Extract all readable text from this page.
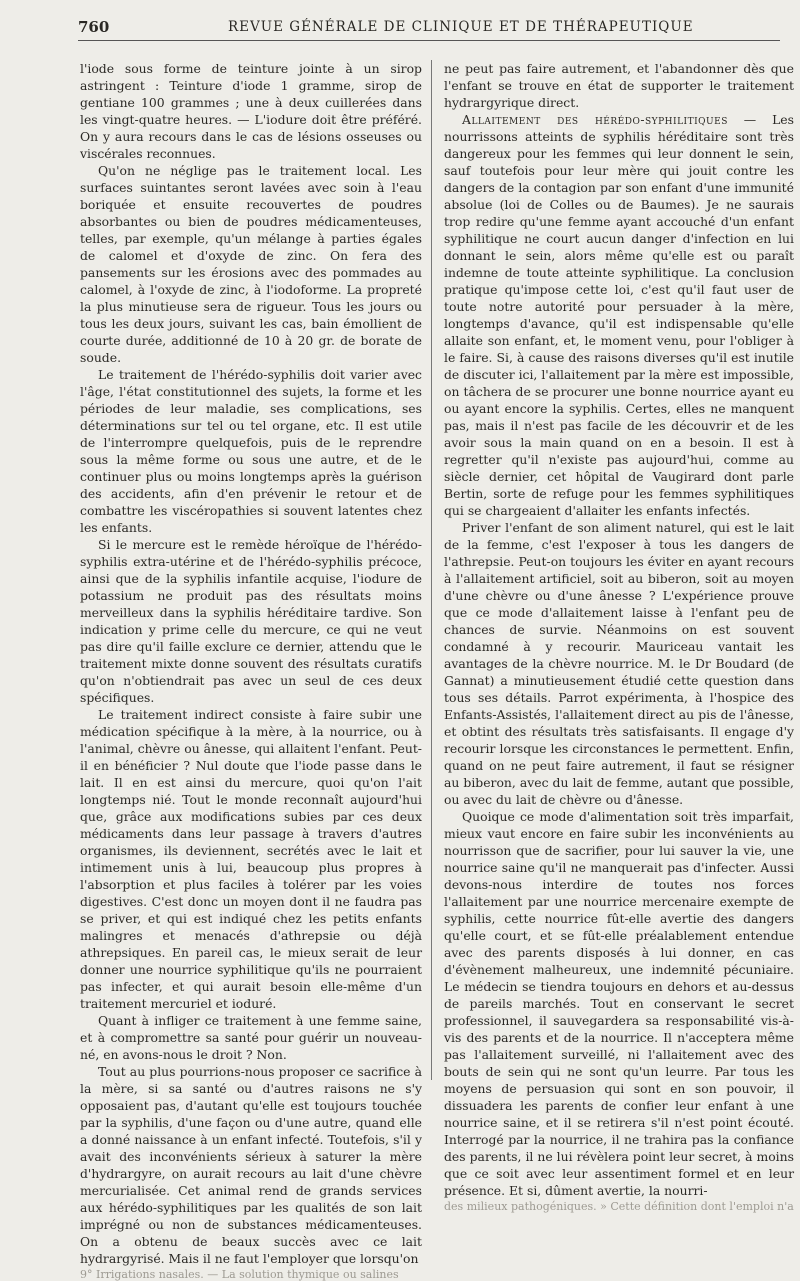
760	REVUE GÉNÉRALE DE CLINIQUE ET DE THÉRAPEUTIQUE

l'iode sous forme de teinture jointe à un sirop astringent : Teinture d'iode 1 gramme, sirop de gentiane 100 grammes ; une à deux cuillerées dans les vingt-quatre heures. — L'iodure doit être préféré. On y aura recours dans le cas de lésions osseuses ou viscérales reconnues.

Qu'on ne néglige pas le traitement local. Les surfaces suintantes seront lavées avec soin à l'eau boriquée et ensuite recouvertes de poudres absorbantes ou bien de poudres médicamenteuses, telles, par exemple, qu'un mélange à parties égales de calomel et d'oxyde de zinc. On fera des pansements sur les érosions avec des pommades au calomel, à l'oxyde de zinc, à l'iodoforme. La propreté la plus minutieuse sera de rigueur. Tous les jours ou tous les deux jours, suivant les cas, bain émollient de courte durée, additionné de 10 à 20 gr. de borate de soude.

Le traitement de l'hérédo-syphilis doit varier avec l'âge, l'état constitutionnel des sujets, la forme et les périodes de leur maladie, ses complications, ses déterminations sur tel ou tel organe, etc. Il est utile de l'interrompre quelquefois, puis de le reprendre sous la même forme ou sous une autre, et de le continuer plus ou moins longtemps après la guérison des accidents, afin d'en prévenir le retour et de combattre les viscéropathies si souvent latentes chez les enfants.

Si le mercure est le remède héroïque de l'hérédo-syphilis extra-utérine et de l'hérédo-syphilis précoce, ainsi que de la syphilis infantile acquise, l'iodure de potassium ne produit pas des résultats moins merveilleux dans la syphilis héréditaire tardive. Son indication y prime celle du mercure, ce qui ne veut pas dire qu'il faille exclure ce dernier, attendu que le traitement mixte donne souvent des résultats curatifs qu'on n'obtiendrait pas avec un seul de ces deux spécifiques.

Le traitement indirect consiste à faire subir une médication spécifique à la mère, à la nourrice, ou à l'animal, chèvre ou ânesse, qui allaitent l'enfant. Peut-il en bénéficier ? Nul doute que l'iode passe dans le lait. Il en est ainsi du mercure, quoi qu'on l'ait longtemps nié. Tout le monde reconnaît aujourd'hui que, grâce aux modifications subies par ces deux médicaments dans leur passage à travers d'autres organismes, ils deviennent, secrétés avec le lait et intimement unis à lui, beaucoup plus propres à l'absorption et plus faciles à tolérer par les voies digestives. C'est donc un moyen dont il ne faudra pas se priver, et qui est indiqué chez les petits enfants malingres et menacés d'athrepsie ou déjà athrepsiques. En pareil cas, le mieux serait de leur donner une nourrice syphilitique qu'ils ne pourraient pas infecter, et qui aurait besoin elle-même d'un traitement mercuriel et ioduré.

Quant à infliger ce traitement à une femme saine, et à compromettre sa santé pour guérir un nouveau-né, en avons-nous le droit ? Non.

Tout au plus pourrions-nous proposer ce sacrifice à la mère, si sa santé ou d'autres raisons ne s'y opposaient pas, d'autant qu'elle est toujours touchée par la syphilis, d'une façon ou d'une autre, quand elle a donné naissance à un enfant infecté. Toutefois, s'il y avait des inconvénients sérieux à saturer la mère d'hydrargyre, on aurait recours au lait d'une chèvre mercurialisée. Cet animal rend de grands services aux hérédo-syphilitiques par les qualités de son lait imprégné ou non de substances médicamenteuses. On a obtenu de beaux succès avec ce lait hydrargyrisé. Mais il ne faut l'employer que lorsqu'on

9° Irrigations nasales. — La solution thymique ou salines

ne peut pas faire autrement, et l'abandonner dès que l'enfant se trouve en état de supporter le traitement hydrargyrique direct.

Allaitement des hérédo-syphilitiques — Les nourrissons atteints de syphilis héréditaire sont très dangereux pour les femmes qui leur donnent le sein, sauf toutefois pour leur mère qui jouit contre les dangers de la contagion par son enfant d'une immunité absolue (loi de Colles ou de Baumes). Je ne saurais trop redire qu'une femme ayant accouché d'un enfant syphilitique ne court aucun danger d'infection en lui donnant le sein, alors même qu'elle est ou paraît indemne de toute atteinte syphilitique. La conclusion pratique qu'impose cette loi, c'est qu'il faut user de toute notre autorité pour persuader à la mère, longtemps d'avance, qu'il est indispensable qu'elle allaite son enfant, et, le moment venu, pour l'obliger à le faire. Si, à cause des raisons diverses qu'il est inutile de discuter ici, l'allaitement par la mère est impossible, on tâchera de se procurer une bonne nourrice ayant eu ou ayant encore la syphilis. Certes, elles ne manquent pas, mais il n'est pas facile de les découvrir et de les avoir sous la main quand on en a besoin. Il est à regretter qu'il n'existe pas aujourd'hui, comme au siècle dernier, cet hôpital de Vaugirard dont parle Bertin, sorte de refuge pour les femmes syphilitiques qui se chargeaient d'allaiter les enfants infectés.

Priver l'enfant de son aliment naturel, qui est le lait de la femme, c'est l'exposer à tous les dangers de l'athrepsie. Peut-on toujours les éviter en ayant recours à l'allaitement artificiel, soit au biberon, soit au moyen d'une chèvre ou d'une ânesse ? L'expérience prouve que ce mode d'allaitement laisse à l'enfant peu de chances de survie. Néanmoins on est souvent condamné à y recourir. Mauriceau vantait les avantages de la chèvre nourrice. M. le Dr Boudard (de Gannat) a minutieusement étudié cette question dans tous ses détails. Parrot expérimenta, à l'hospice des Enfants-Assistés, l'allaitement direct au pis de l'ânesse, et obtint des résultats très satisfaisants. Il engage d'y recourir lorsque les circonstances le permettent. Enfin, quand on ne peut faire autrement, il faut se résigner au biberon, avec du lait de femme, autant que possible, ou avec du lait de chèvre ou d'ânesse.

Quoique ce mode d'alimentation soit très imparfait, mieux vaut encore en faire subir les inconvénients au nourrisson que de sacrifier, pour lui sauver la vie, une nourrice saine qu'il ne manquerait pas d'infecter. Aussi devons-nous interdire de toutes nos forces l'allaitement par une nourrice mercenaire exempte de syphilis, cette nourrice fût-elle avertie des dangers qu'elle court, et se fût-elle préalablement entendue avec des parents disposés à lui donner, en cas d'évènement malheureux, une indemnité pécuniaire. Le médecin se tiendra toujours en dehors et au-dessus de pareils marchés. Tout en conservant le secret professionnel, il sauvegardera sa responsabilité vis-à-vis des parents et de la nourrice. Il n'acceptera même pas l'allaitement surveillé, ni l'allaitement avec des bouts de sein qui ne sont qu'un leurre. Par tous les moyens de persuasion qui sont en son pouvoir, il dissuadera les parents de confier leur enfant à une nourrice saine, et il se retirera s'il n'est point écouté. Interrogé par la nourrice, il ne trahira pas la confiance des parents, il ne lui révèlera point leur secret, à moins que ce soit avec leur assentiment formel et en leur présence. Et si, dûment avertie, la nourri-

des milieux pathogéniques. » Cette définition dont l'emploi n'a
